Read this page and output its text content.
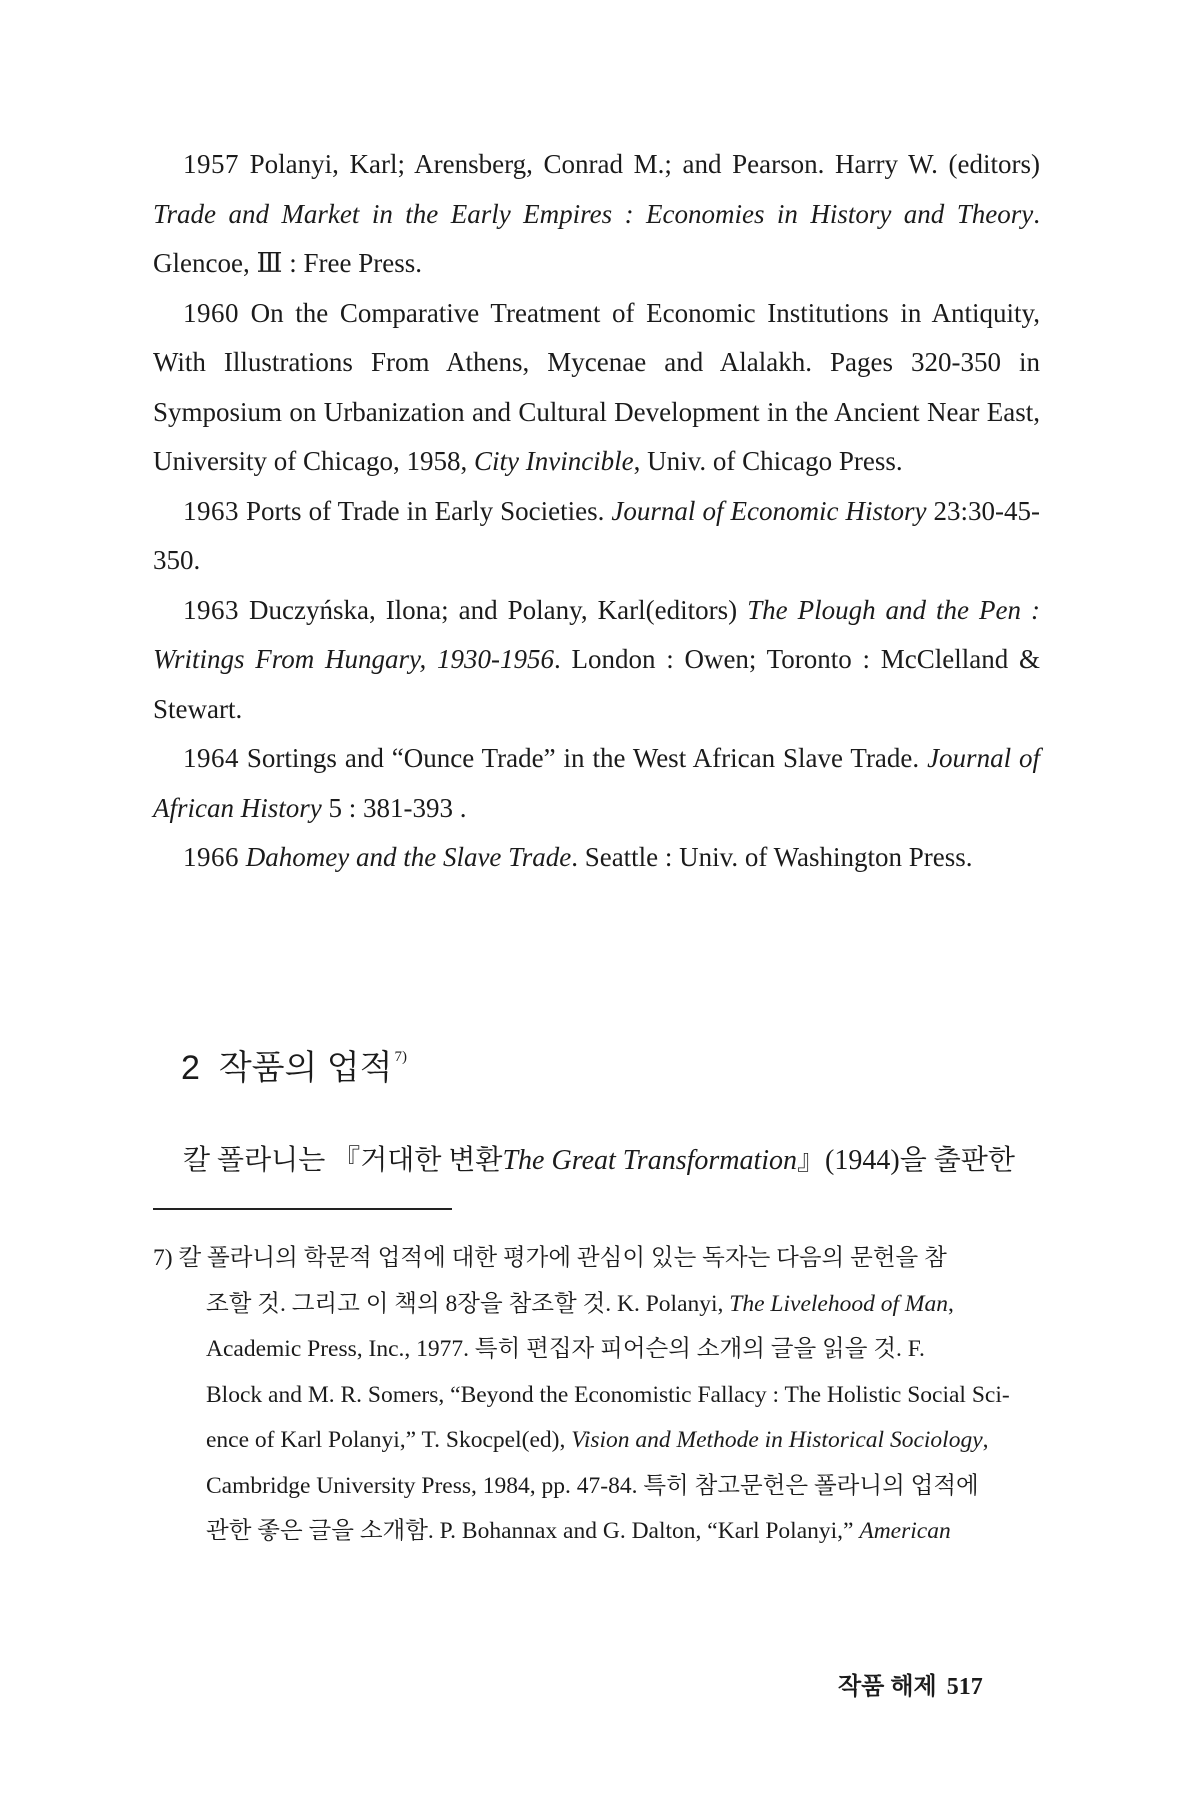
1957 Polanyi, Karl; Arensberg, Conrad M.; and Pearson. Harry W. (editors) Trade and Market in the Early Empires : Economies in History and Theory. Glencoe, Ⅲ : Free Press.

1960 On the Comparative Treatment of Economic Institutions in Antiquity, With Illustrations From Athens, Mycenae and Alalakh. Pages 320-350 in Symposium on Urbanization and Cultural Development in the Ancient Near East, University of Chicago, 1958, City Invincible, Univ. of Chicago Press.

1963 Ports of Trade in Early Societies. Journal of Economic History 23:30-45-350.

1963 Duczyńska, Ilona; and Polany, Karl(editors) The Plough and the Pen : Writings From Hungary, 1930-1956. London : Owen; Toronto : McClelland & Stewart.

1964 Sortings and “Ounce Trade” in the West African Slave Trade. Journal of African History 5 : 381-393 .

1966 Dahomey and the Slave Trade. Seattle : Univ. of Washington Press.

2 작품의 업적 $^{7)}$
칼 폴라니는 『거대한 변환The Great Transformation』(1944)을 출판한
7) 칼 폴라니의 학문적 업적에 대한 평가에 관심이 있는 독자는 다음의 문헌을 참
조할 것. 그리고 이 책의 8장을 참조할 것. K. Polanyi, The Livelehood of Man,
Academic Press, Inc., 1977. 특히 편집자 피어슨의 소개의 글을 읽을 것. F.
Block and M. R. Somers, “Beyond the Economistic Fallacy : The Holistic Social Sci-
ence of Karl Polanyi,” T. Skocpel(ed), Vision and Methode in Historical Sociology,
Cambridge University Press, 1984, pp. 47-84. 특히 참고문헌은 폴라니의 업적에
관한 좋은 글을 소개함. P. Bohannax and G. Dalton, “Karl Polanyi,” American
작품 해제 517
